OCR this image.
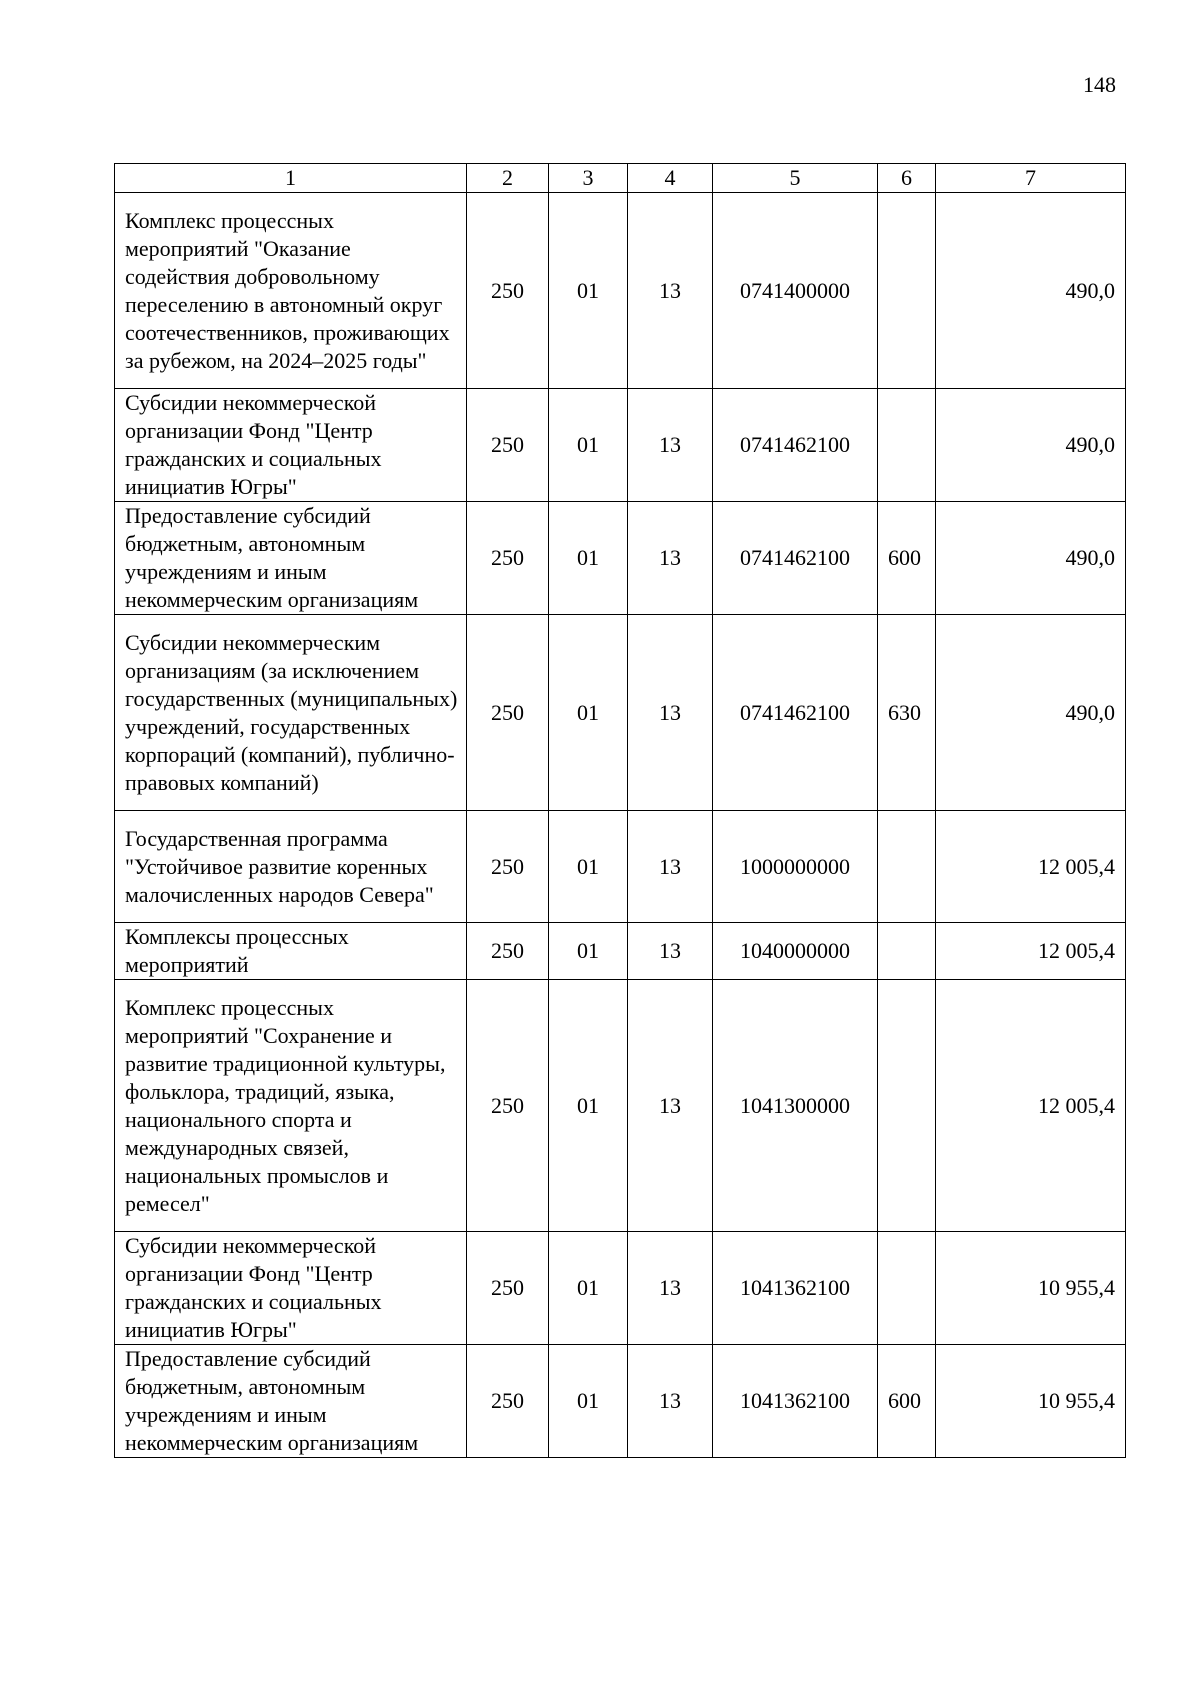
148
1	2	3	4	5	6	7
Комплекс процессных мероприятий "Оказание содействия добровольному переселению в автономный округ соотечественников, проживающих за рубежом, на 2024–2025 годы"	250	01	13	0741400000		490,0
Субсидии некоммерческой организации Фонд "Центр гражданских и социальных инициатив Югры"	250	01	13	0741462100		490,0
Предоставление субсидий бюджетным, автономным учреждениям и иным некоммерческим организациям	250	01	13	0741462100	600	490,0
Субсидии некоммерческим организациям (за исключением государственных (муниципальных) учреждений, государственных корпораций (компаний), публично-правовых компаний)	250	01	13	0741462100	630	490,0
Государственная программа "Устойчивое развитие коренных малочисленных народов Севера"	250	01	13	1000000000		12 005,4
Комплексы процессных мероприятий	250	01	13	1040000000		12 005,4
Комплекс процессных мероприятий "Сохранение и развитие традиционной культуры, фольклора, традиций, языка, национального спорта и международных связей, национальных промыслов и ремесел"	250	01	13	1041300000		12 005,4
Субсидии некоммерческой организации Фонд "Центр гражданских и социальных инициатив Югры"	250	01	13	1041362100		10 955,4
Предоставление субсидий бюджетным, автономным учреждениям и иным некоммерческим организациям	250	01	13	1041362100	600	10 955,4
